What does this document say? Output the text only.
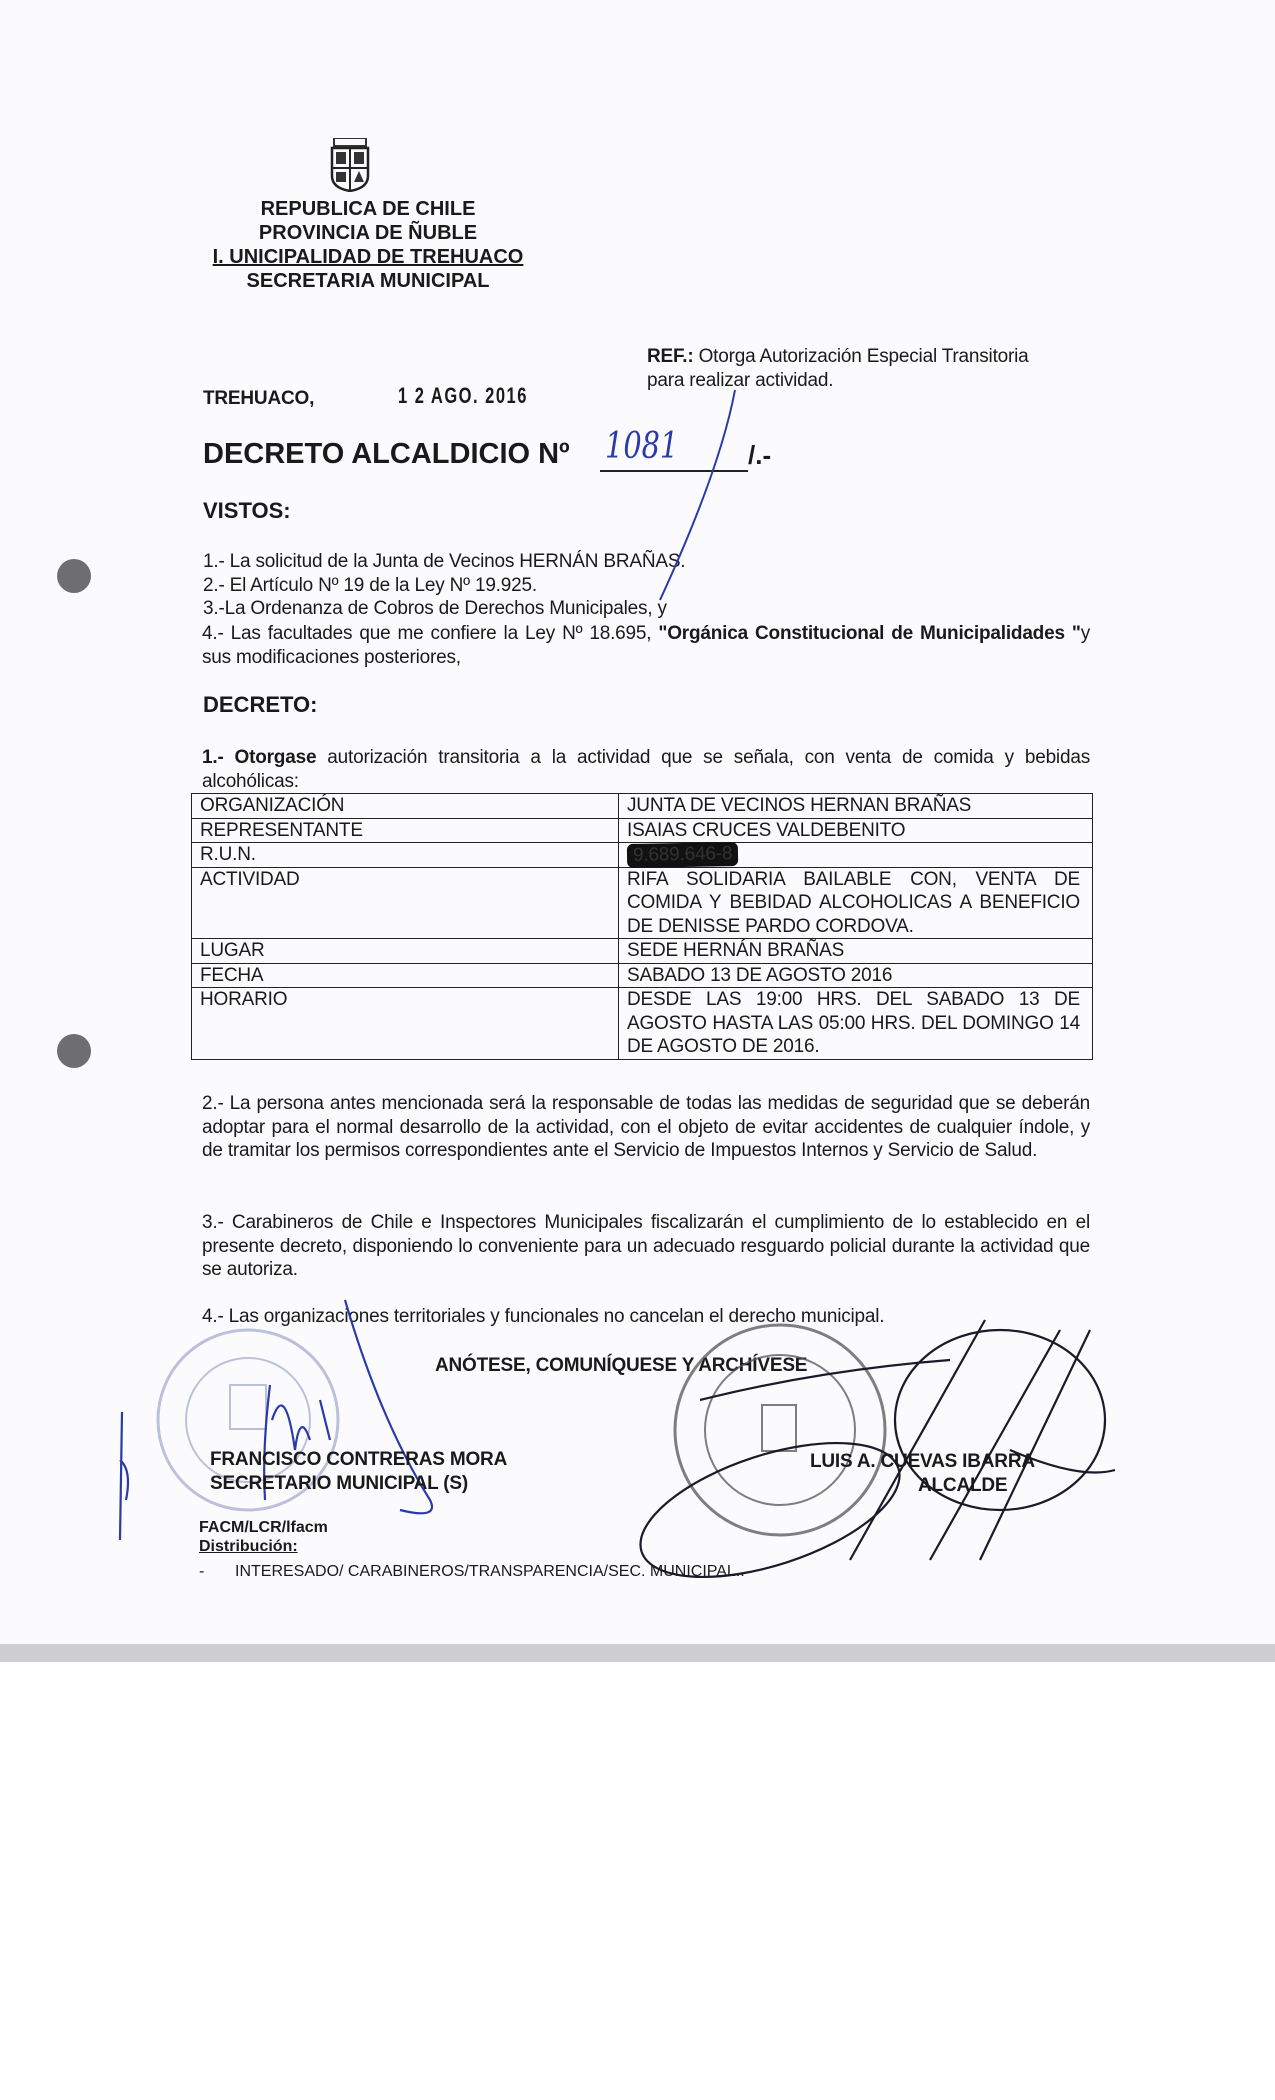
REPUBLICA DE CHILE
PROVINCIA DE ÑUBLE
I. UNICIPALIDAD DE TREHUACO
SECRETARIA MUNICIPAL
REF.: Otorga Autorización Especial Transitoria
para realizar actividad.
TREHUACO,	1 2 AGO. 2016
DECRETO ALCALDICIO Nº 1081	/.-
VISTOS:
1.- La solicitud de la Junta de Vecinos HERNÁN BRAÑAS.
2.- El Artículo Nº 19 de la Ley Nº 19.925.
3.-La Ordenanza de Cobros de Derechos Municipales, y
4.- Las facultades que me confiere la Ley Nº 18.695, "Orgánica Constitucional de Municipalidades "y sus modificaciones posteriores,
DECRETO:
1.- Otorgase autorización transitoria a la actividad que se señala, con venta de comida y bebidas alcohólicas:
ORGANIZACIÓN	JUNTA DE VECINOS HERNAN BRAÑAS
REPRESENTANTE	ISAIAS CRUCES VALDEBENITO
R.U.N.	9.689.646-8
ACTIVIDAD	RIFA SOLIDARIA BAILABLE CON, VENTA DE COMIDA Y BEBIDAD ALCOHOLICAS A BENEFICIO DE DENISSE PARDO CORDOVA.
LUGAR	SEDE HERNÁN BRAÑAS
FECHA	SABADO 13 DE AGOSTO 2016
HORARIO	DESDE LAS 19:00 HRS. DEL SABADO 13 DE AGOSTO HASTA LAS 05:00 HRS. DEL DOMINGO 14 DE AGOSTO DE 2016.
2.- La persona antes mencionada será la responsable de todas las medidas de seguridad que se deberán adoptar para el normal desarrollo de la actividad, con el objeto de evitar accidentes de cualquier índole, y de tramitar los permisos correspondientes ante el Servicio de Impuestos Internos y Servicio de Salud.
3.- Carabineros de Chile e Inspectores Municipales fiscalizarán el cumplimiento de lo establecido en el presente decreto, disponiendo lo conveniente para un adecuado resguardo policial durante la actividad que se autoriza.
4.- Las organizaciones territoriales y funcionales no cancelan el derecho municipal.
ANÓTESE, COMUNÍQUESE Y ARCHÍVESE
FRANCISCO CONTRERAS MORA
SECRETARIO MUNICIPAL (S)
LUIS A. CUEVAS IBARRA
ALCALDE
FACM/LCR/lfacm
Distribución:
- INTERESADO/ CARABINEROS/TRANSPARENCIA/SEC. MUNICIPAL..
